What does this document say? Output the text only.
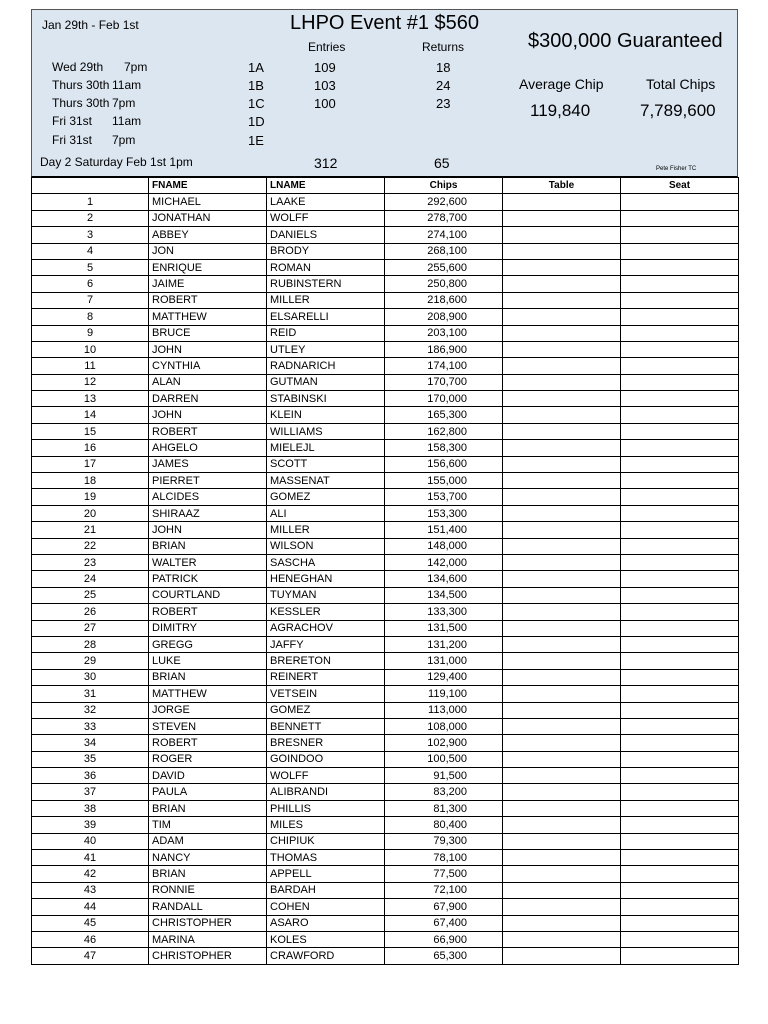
Jan 29th - Feb 1st	LHPO Event #1 $560
Entries	Returns	$300,000 Guaranteed
Wed 29th 7pm	1A	109	18
Thurs 30th 11am	1B	103	24
Thurs 30th 7pm	1C	100	23
Fri 31st 11am	1D
Fri 31st 7pm	1E
Average Chip
119,840
Total Chips
7,789,600
Day 2 Saturday Feb 1st 1pm	312	65	Pete Fisher TC
	FNAME	LNAME	Chips	Table	Seat
1	MICHAEL	LAAKE	292,600		
2	JONATHAN	WOLFF	278,700		
3	ABBEY	DANIELS	274,100		
4	JON	BRODY	268,100		
5	ENRIQUE	ROMAN	255,600		
6	JAIME	RUBINSTERN	250,800		
7	ROBERT	MILLER	218,600		
8	MATTHEW	ELSARELLI	208,900		
9	BRUCE	REID	203,100		
10	JOHN	UTLEY	186,900		
11	CYNTHIA	RADNARICH	174,100		
12	ALAN	GUTMAN	170,700		
13	DARREN	STABINSKI	170,000		
14	JOHN	KLEIN	165,300		
15	ROBERT	WILLIAMS	162,800		
16	AHGELO	MIELEJL	158,300		
17	JAMES	SCOTT	156,600		
18	PIERRET	MASSENAT	155,000		
19	ALCIDES	GOMEZ	153,700		
20	SHIRAAZ	ALI	153,300		
21	JOHN	MILLER	151,400		
22	BRIAN	WILSON	148,000		
23	WALTER	SASCHA	142,000		
24	PATRICK	HENEGHAN	134,600		
25	COURTLAND	TUYMAN	134,500		
26	ROBERT	KESSLER	133,300		
27	DIMITRY	AGRACHOV	131,500		
28	GREGG	JAFFY	131,200		
29	LUKE	BRERETON	131,000		
30	BRIAN	REINERT	129,400		
31	MATTHEW	VETSEIN	119,100		
32	JORGE	GOMEZ	113,000		
33	STEVEN	BENNETT	108,000		
34	ROBERT	BRESNER	102,900		
35	ROGER	GOINDOO	100,500		
36	DAVID	WOLFF	91,500		
37	PAULA	ALIBRANDI	83,200		
38	BRIAN	PHILLIS	81,300		
39	TIM	MILES	80,400		
40	ADAM	CHIPIUK	79,300		
41	NANCY	THOMAS	78,100		
42	BRIAN	APPELL	77,500		
43	RONNIE	BARDAH	72,100		
44	RANDALL	COHEN	67,900		
45	CHRISTOPHER	ASARO	67,400		
46	MARINA	KOLES	66,900		
47	CHRISTOPHER	CRAWFORD	65,300		
